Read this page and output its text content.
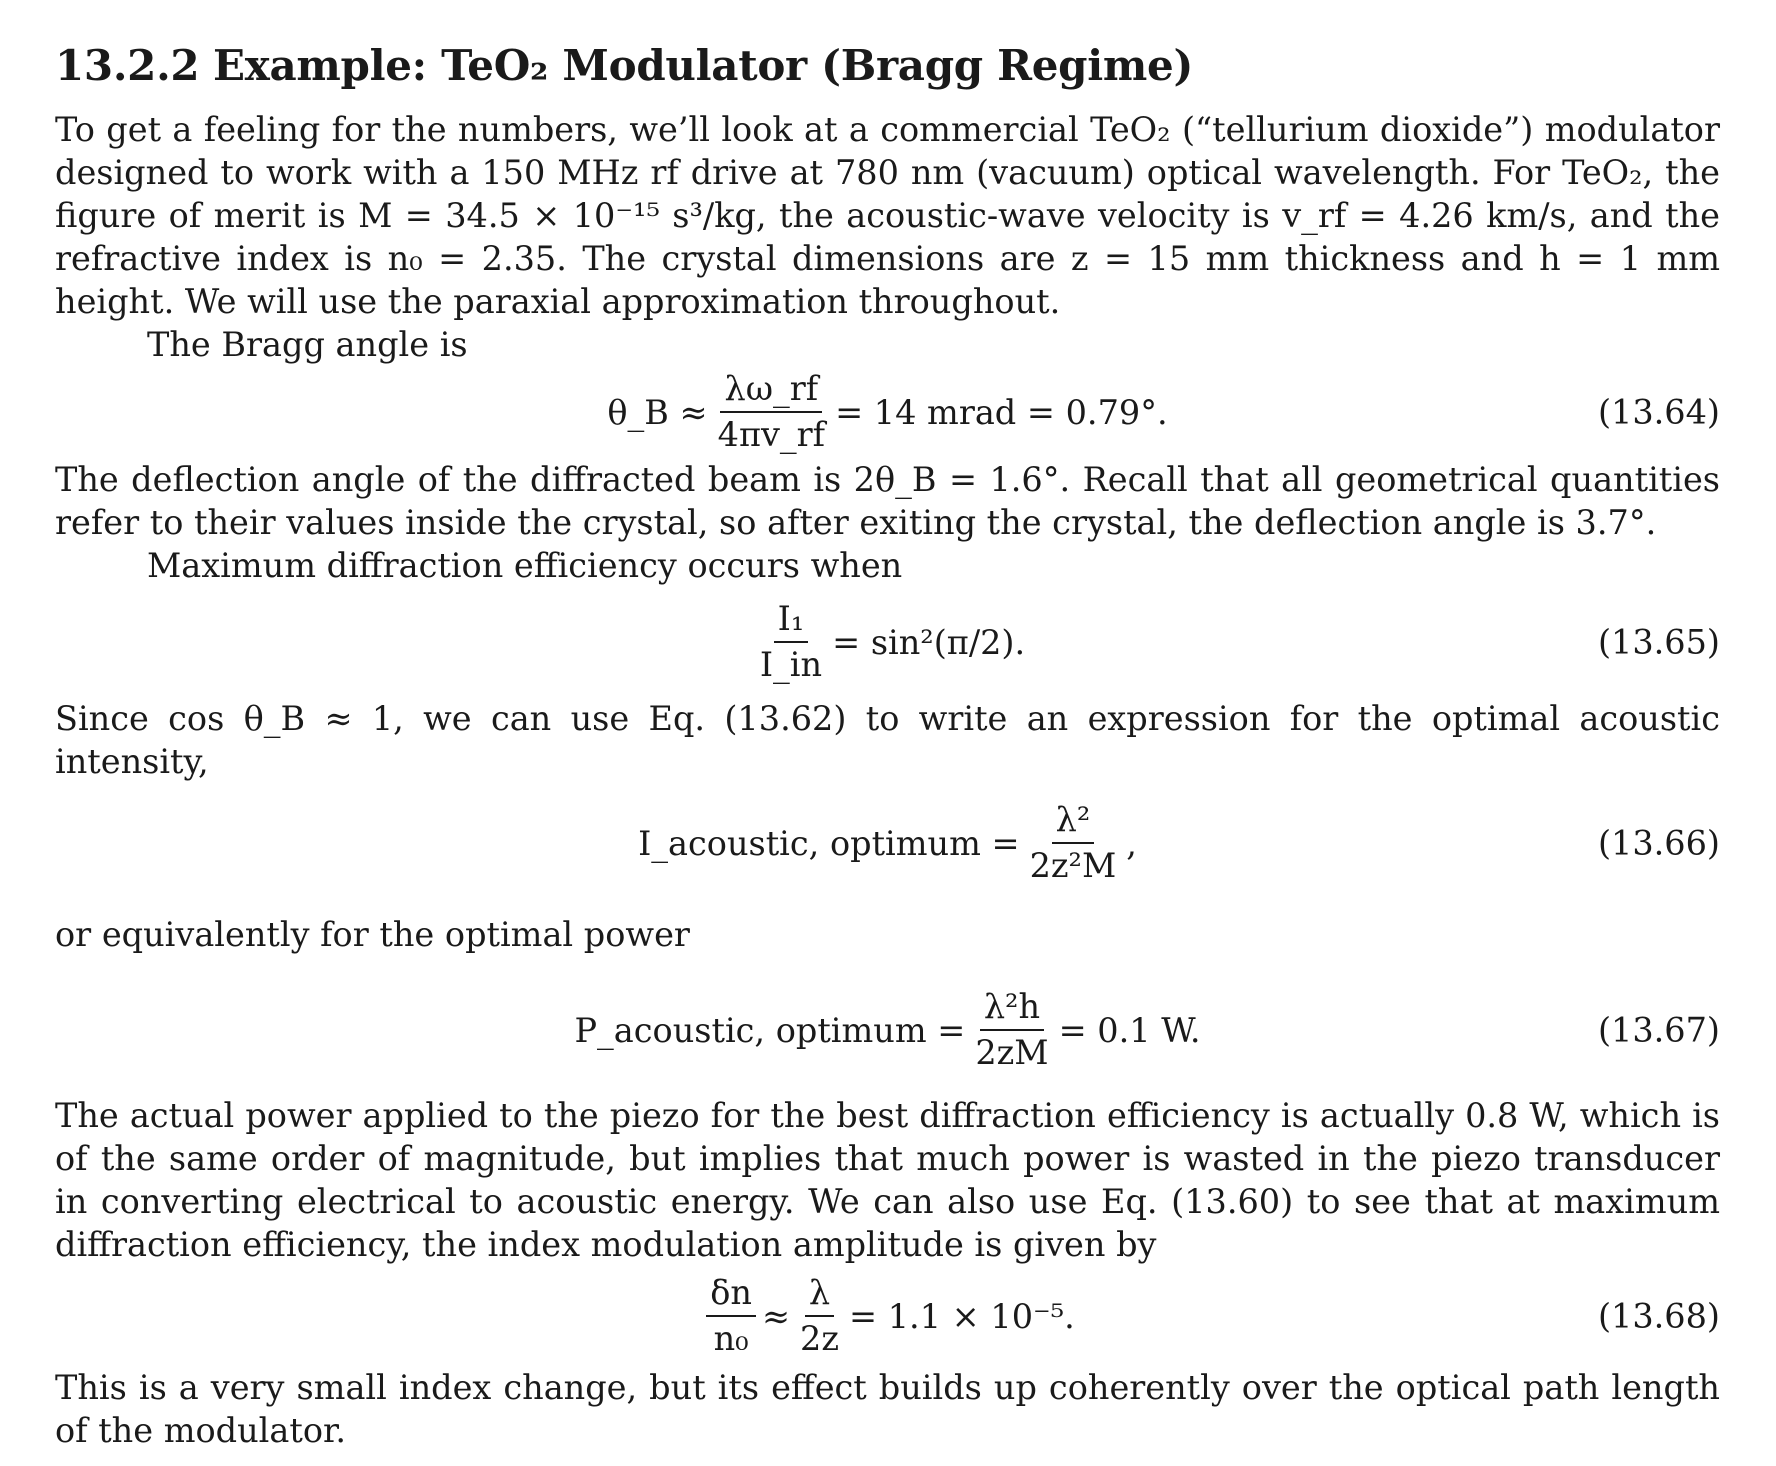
13.2.2 Example: TeO₂ Modulator (Bragg Regime)

To get a feeling for the numbers, we’ll look at a commercial TeO₂ (“tellurium dioxide”) modulator designed to work with a 150 MHz rf drive at 780 nm (vacuum) optical wavelength. For TeO₂, the figure of merit is M = 34.5 × 10⁻¹⁵ s³/kg, the acoustic-wave velocity is v_rf = 4.26 km/s, and the refractive index is n₀ = 2.35. The crystal dimensions are z = 15 mm thickness and h = 1 mm height. We will use the paraxial approximation throughout.

The Bragg angle is

θ_B ≈ $\frac{\lambda\omega\_rf}{4\pi v\_rf} = 14$ mrad = 0.79°.	(13.64)

The deflection angle of the diffracted beam is 2θ_B = 1.6°. Recall that all geometrical quantities refer to their values inside the crystal, so after exiting the crystal, the deflection angle is 3.7°.

Maximum diffraction efficiency occurs when

$\frac{\text{I₁}}{I\_in} = \sin^2(\pi/2)$.	(13.65)

Since cos θ_B ≈ 1, we can use Eq. (13.62) to write an expression for the optimal acoustic intensity,

I_acoustic, optimum = $\frac{\text{λ²}}{\text{2z²M}}$ ,	(13.66)

or equivalently for the optimal power

P_acoustic, optimum = $\frac{\text{λ²h}}{2zM} = 0.1$ W.	(13.67)

The actual power applied to the piezo for the best diffraction efficiency is actually 0.8 W, which is of the same order of magnitude, but implies that much power is wasted in the piezo transducer in converting electrical to acoustic energy. We can also use Eq. (13.60) to see that at maximum diffraction efficiency, the index modulation amplitude is given by

$\frac{\delta n}{\text{n₀}} \approx \frac{\lambda}{2z} = 1.1 \times 10^{-5}$.	(13.68)

This is a very small index change, but its effect builds up coherently over the optical path length of the modulator.
